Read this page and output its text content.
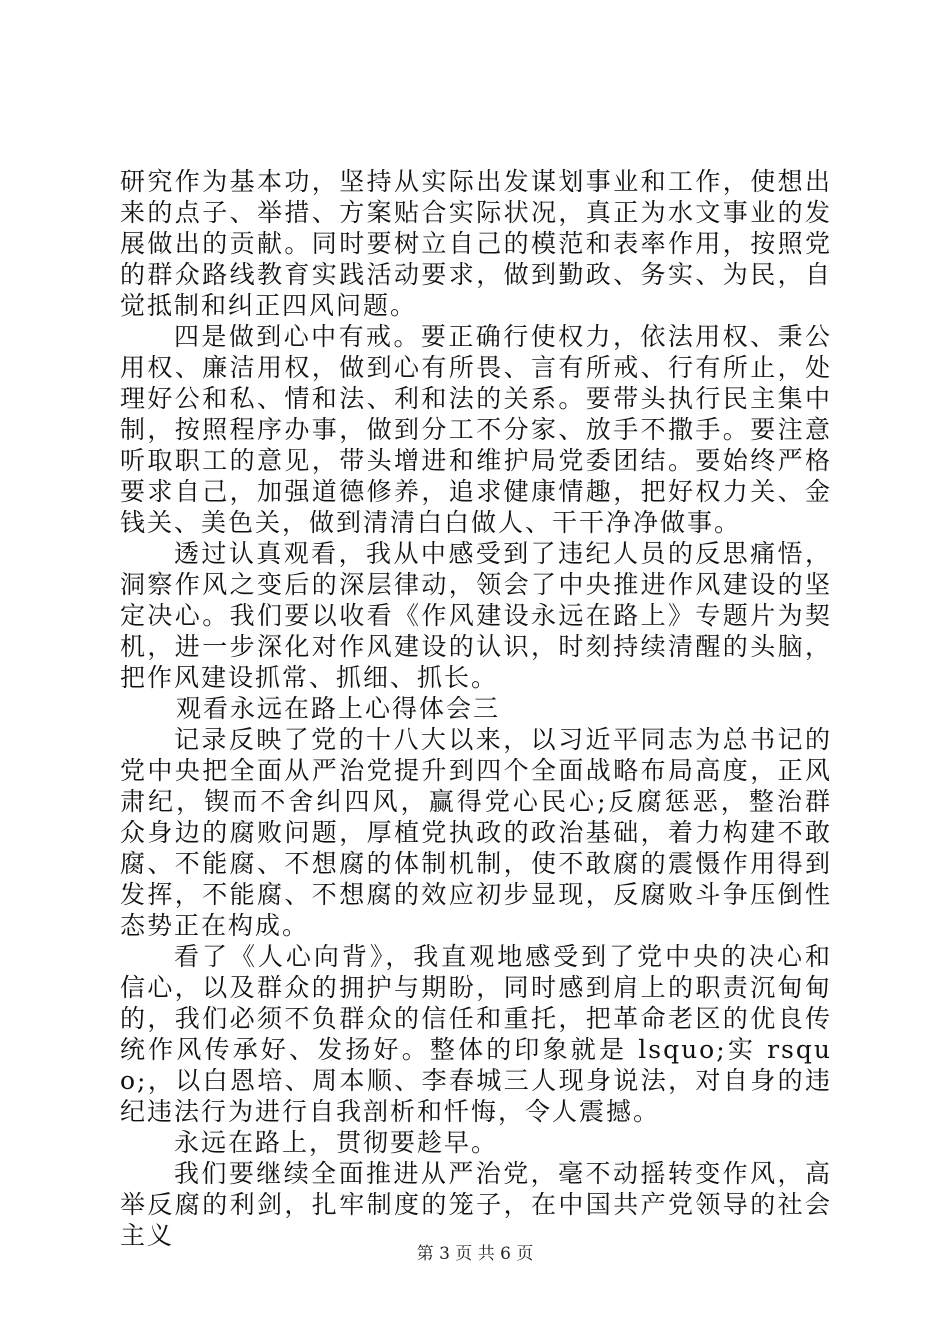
研究作为基本功，坚持从实际出发谋划事业和工作，使想出来的点子、举措、方案贴合实际状况，真正为水文事业的发展做出的贡献。同时要树立自己的模范和表率作用，按照党的群众路线教育实践活动要求，做到勤政、务实、为民，自觉抵制和纠正四风问题。

四是做到心中有戒。要正确行使权力，依法用权、秉公用权、廉洁用权，做到心有所畏、言有所戒、行有所止，处理好公和私、情和法、利和法的关系。要带头执行民主集中制，按照程序办事，做到分工不分家、放手不撒手。要注意听取职工的意见，带头增进和维护局党委团结。要始终严格要求自己，加强道德修养，追求健康情趣，把好权力关、金钱关、美色关，做到清清白白做人、干干净净做事。

透过认真观看，我从中感受到了违纪人员的反思痛悟，洞察作风之变后的深层律动，领会了中央推进作风建设的坚定决心。我们要以收看《作风建设永远在路上》专题片为契机，进一步深化对作风建设的认识，时刻持续清醒的头脑，把作风建设抓常、抓细、抓长。

观看永远在路上心得体会三

记录反映了党的十八大以来，以习近平同志为总书记的党中央把全面从严治党提升到四个全面战略布局高度，正风肃纪，锲而不舍纠四风，赢得党心民心;反腐惩恶，整治群众身边的腐败问题，厚植党执政的政治基础，着力构建不敢腐、不能腐、不想腐的体制机制，使不敢腐的震慑作用得到发挥，不能腐、不想腐的效应初步显现，反腐败斗争压倒性态势正在构成。

看了《人心向背》，我直观地感受到了党中央的决心和信心，以及群众的拥护与期盼，同时感到肩上的职责沉甸甸的，我们必须不负群众的信任和重托，把革命老区的优良传统作风传承好、发扬好。整体的印象就是 lsquo;实 rsquo;，以白恩培、周本顺、李春城三人现身说法，对自身的违纪违法行为进行自我剖析和忏悔，令人震撼。

永远在路上，贯彻要趁早。

我们要继续全面推进从严治党，毫不动摇转变作风，高举反腐的利剑，扎牢制度的笼子，在中国共产党领导的社会主义

第 3 页 共 6 页
